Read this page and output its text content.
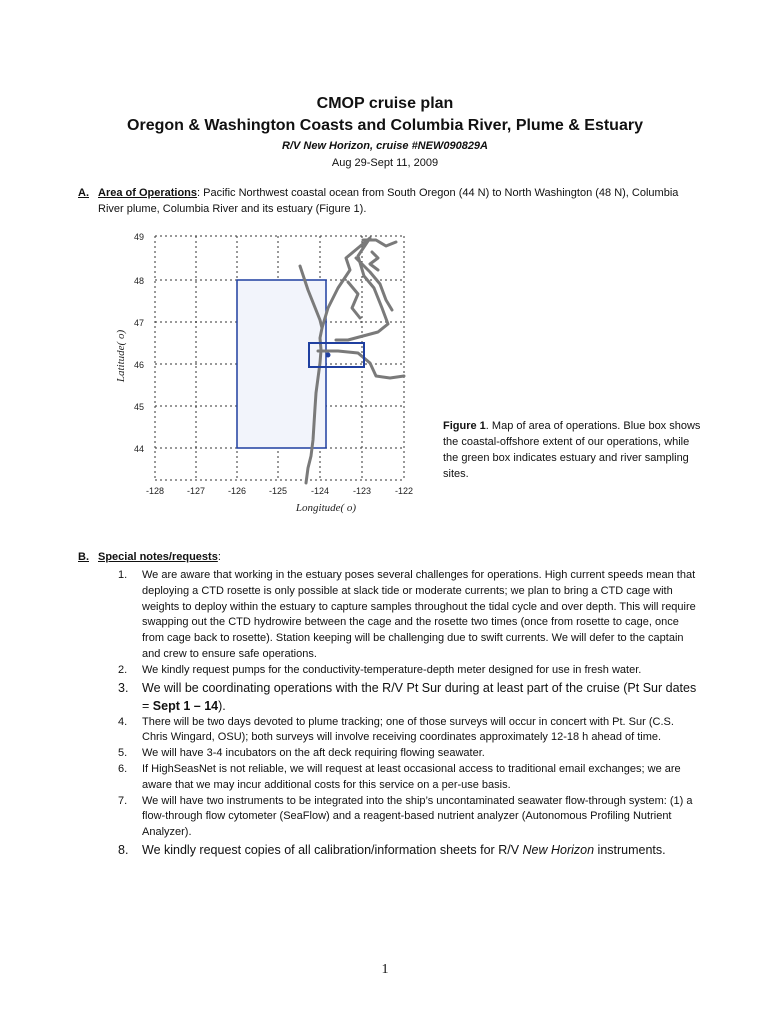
CMOP cruise plan
Oregon & Washington Coasts and Columbia River, Plume & Estuary
R/V New Horizon, cruise #NEW090829A
Aug 29-Sept 11, 2009
A. Area of Operations: Pacific Northwest coastal ocean from South Oregon (44 N) to North Washington (48 N), Columbia River plume, Columbia River and its estuary (Figure 1).
49
48
47
46
45
44
-128	-127	-126	-125	-124	-123	-122
Longitude( o)
Latitude( o)
Figure 1. Map of area of operations. Blue box shows the coastal-offshore extent of our operations, while the green box indicates estuary and river sampling sites.
B. Special notes/requests:
1. We are aware that working in the estuary poses several challenges for operations. High current speeds mean that deploying a CTD rosette is only possible at slack tide or moderate currents; we plan to bring a CTD cage with weights to deploy within the estuary to capture samples throughout the tidal cycle and over depth. This will require swapping out the CTD hydrowire between the cage and the rosette two times (once from rosette to cage, once from cage back to rosette). Station keeping will be challenging due to swift currents. We will defer to the captain and crew to ensure safe operations.
2. We kindly request pumps for the conductivity-temperature-depth meter designed for use in fresh water.
3. We will be coordinating operations with the R/V Pt Sur during at least part of the cruise (Pt Sur dates = Sept 1 – 14).
4. There will be two days devoted to plume tracking; one of those surveys will occur in concert with Pt. Sur (C.S. Chris Wingard, OSU); both surveys will involve receiving coordinates approximately 12-18 h ahead of time.
5. We will have 3-4 incubators on the aft deck requiring flowing seawater.
6. If HighSeasNet is not reliable, we will request at least occasional access to traditional email exchanges; we are aware that we may incur additional costs for this service on a per-use basis.
7. We will have two instruments to be integrated into the ship’s uncontaminated seawater flow-through system: (1) a flow-through flow cytometer (SeaFlow) and a reagent-based nutrient analyzer (Autonomous Profiling Nutrient Analyzer).
8. We kindly request copies of all calibration/information sheets for R/V New Horizon instruments.
1
